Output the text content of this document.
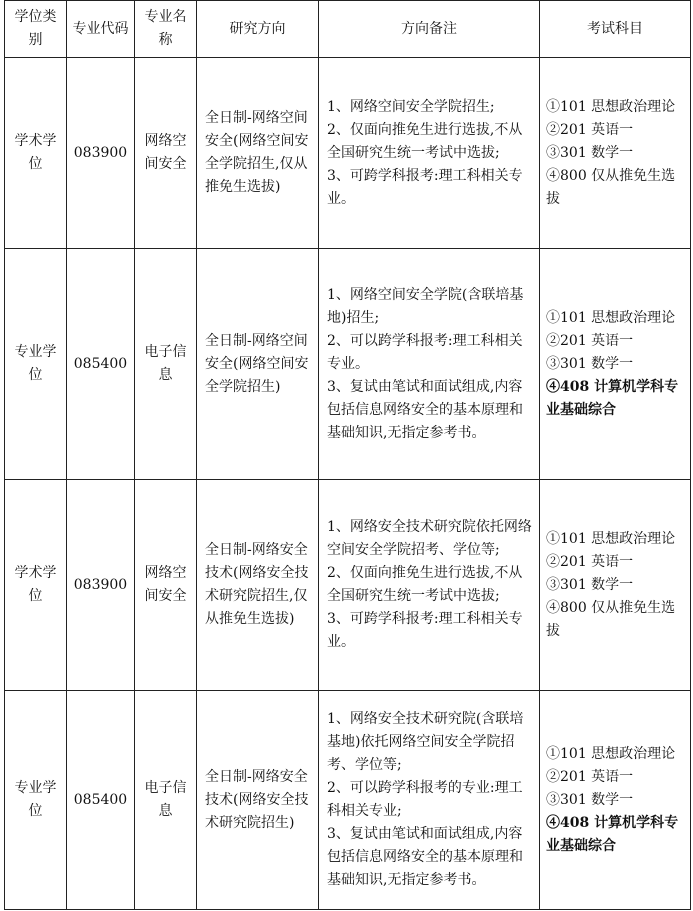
学位类别	专业代码	专业名称	研究方向	方向备注	考试科目
学术学位	083900	网络空间安全	全日制-网络空间安全(网络空间安全学院招生,仅从推免生选拔)	1、网络空间安全学院招生;
2、仅面向推免生进行选拔,不从全国研究生统一考试中选拔;
3、可跨学科报考:理工科相关专业。	①101 思想政治理论
②201 英语一
③301 数学一
④800 仅从推免生选拔

专业学位	085400	电子信息	全日制-网络空间安全(网络空间安全学院招生)	1、网络空间安全学院(含联培基地)招生;
2、可以跨学科报考:理工科相关专业。
3、复试由笔试和面试组成,内容包括信息网络安全的基本原理和基础知识,无指定参考书。	①101 思想政治理论
②201 英语一
③301 数学一
④408 计算机学科专业基础综合

学术学位	083900	网络空间安全	全日制-网络安全技术(网络安全技术研究院招生,仅从推免生选拔)	1、网络安全技术研究院依托网络空间安全学院招考、学位等;
2、仅面向推免生进行选拔,不从全国研究生统一考试中选拔;
3、可跨学科报考:理工科相关专业。	①101 思想政治理论
②201 英语一
③301 数学一
④800 仅从推免生选拔

专业学位	085400	电子信息	全日制-网络安全技术(网络安全技术研究院招生)	1、网络安全技术研究院(含联培基地)依托网络空间安全学院招考、学位等;
2、可以跨学科报考的专业:理工科相关专业;
3、复试由笔试和面试组成,内容包括信息网络安全的基本原理和基础知识,无指定参考书。	①101 思想政治理论
②201 英语一
③301 数学一
④408 计算机学科专业基础综合
